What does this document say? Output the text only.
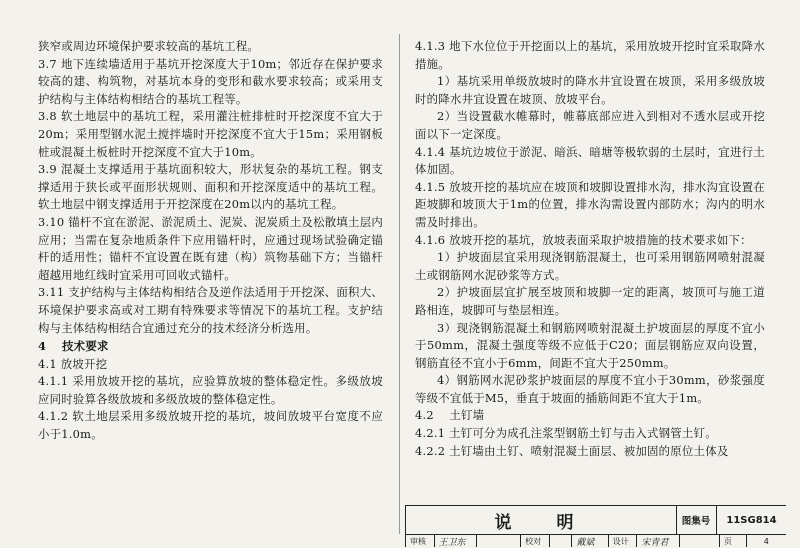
狭窄或周边环境保护要求较高的基坑工程。

3.7 地下连续墙适用于基坑开挖深度大于10m；邻近存在保护要求较高的建、构筑物，对基坑本身的变形和截水要求较高；或采用支护结构与主体结构相结合的基坑工程等。

3.8 软土地层中的基坑工程，采用灌注桩排桩时开挖深度不宜大于20m；采用型钢水泥土搅拌墙时开挖深度不宜大于15m；采用钢板桩或混凝土板桩时开挖深度不宜大于10m。

3.9 混凝土支撑适用于基坑面积较大，形状复杂的基坑工程。钢支撑适用于狭长或平面形状规则、面积和开挖深度适中的基坑工程。软土地层中钢支撑适用于开挖深度在20m以内的基坑工程。

3.10 锚杆不宜在淤泥、淤泥质土、泥炭、泥炭质土及松散填土层内应用；当需在复杂地质条件下应用锚杆时，应通过现场试验确定锚杆的适用性；锚杆不宜设置在既有建（构）筑物基础下方；当锚杆超越用地红线时宜采用可回收式锚杆。

3.11 支护结构与主体结构相结合及逆作法适用于开挖深、面积大、环境保护要求高或对工期有特殊要求等情况下的基坑工程。支护结构与主体结构相结合宜通过充分的技术经济分析选用。

4　 技术要求

4.1 放坡开挖

4.1.1 采用放坡开挖的基坑，应验算放坡的整体稳定性。多级放坡应同时验算各级放坡和多级放坡的整体稳定性。

4.1.2 软土地层采用多级放坡开挖的基坑，坡间放坡平台宽度不应小于1.0m。

4.1.3 地下水位位于开挖面以上的基坑，采用放坡开挖时宜采取降水措施。

1）基坑采用单级放坡时的降水井宜设置在坡顶，采用多级放坡时的降水井宜设置在坡顶、放坡平台。

2）当设置截水帷幕时，帷幕底部应进入到相对不透水层或开挖面以下一定深度。

4.1.4 基坑边坡位于淤泥、暗浜、暗塘等极软弱的土层时，宜进行土体加固。

4.1.5 放坡开挖的基坑应在坡顶和坡脚设置排水沟，排水沟宜设置在距坡脚和坡顶大于1m的位置，排水沟需设置内部防水；沟内的明水需及时排出。

4.1.6 放坡开挖的基坑，放坡表面采取护坡措施的技术要求如下：

1）护坡面层宜采用现浇钢筋混凝土，也可采用钢筋网喷射混凝土或钢筋网水泥砂浆等方式。

2）护坡面层宜扩展至坡顶和坡脚一定的距离，坡顶可与施工道路相连，坡脚可与垫层相连。

3）现浇钢筋混凝土和钢筋网喷射混凝土护坡面层的厚度不宜小于50mm，混凝土强度等级不应低于C20；面层钢筋应双向设置，钢筋直径不宜小于6mm，间距不宜大于250mm。

4）钢筋网水泥砂浆护坡面层的厚度不宜小于30mm，砂浆强度等级不宜低于M5，垂直于坡面的插筋间距不宜大于1m。

4.2　 土钉墙

4.2.1 土钉可分为成孔注浆型钢筋土钉与击入式钢管土钉。

4.2.2 土钉墙由土钉、喷射混凝土面层、被加固的原位土体及

说　明	图集号	11SG814
审核	王卫东	校对	戴斌	设计	宋青君	页	4
